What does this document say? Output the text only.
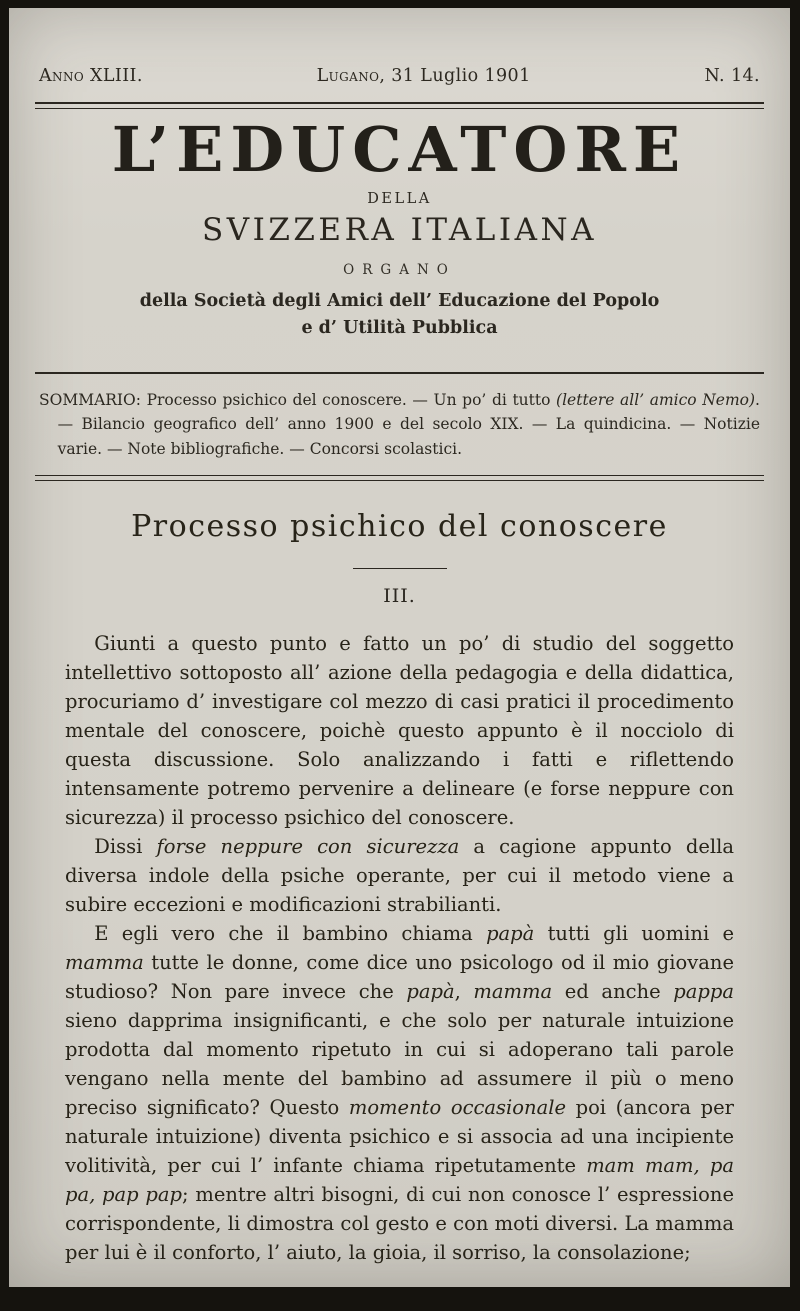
Anno XLIII.	Lugano, 31 Luglio 1901	N. 14.
L’EDUCATORE
DELLA
SVIZZERA ITALIANA
ORGANO
della Società degli Amici dell’ Educazione del Popolo
e d’ Utilità Pubblica

SOMMARIO: Processo psichico del conoscere. — Un po’ di tutto (lettere all’ amico Nemo). — Bilancio geografico dell’ anno 1900 e del secolo XIX. — La quindicina. — Notizie varie. — Note bibliografiche. — Concorsi scolastici.

Processo psichico del conoscere
III.

Giunti a questo punto e fatto un po’ di studio del soggetto intellettivo sottoposto all’ azione della pedagogia e della didattica, procuriamo d’ investigare col mezzo di casi pratici il procedimento mentale del conoscere, poichè questo appunto è il nocciolo di questa discussione. Solo analizzando i fatti e riflettendo intensamente potremo pervenire a delineare (e forse neppure con sicurezza) il processo psichico del conoscere.

Dissi forse neppure con sicurezza a cagione appunto della diversa indole della psiche operante, per cui il metodo viene a subire eccezioni e modificazioni strabilianti.

E egli vero che il bambino chiama papà tutti gli uomini e mamma tutte le donne, come dice uno psicologo od il mio giovane studioso? Non pare invece che papà, mamma ed anche pappa sieno dapprima insignificanti, e che solo per naturale intuizione prodotta dal momento ripetuto in cui si adoperano tali parole vengano nella mente del bambino ad assumere il più o meno preciso significato? Questo momento occasionale poi (ancora per naturale intuizione) diventa psichico e si associa ad una incipiente volitività, per cui l’ infante chiama ripetutamente mam mam, pa pa, pap pap; mentre altri bisogni, di cui non conosce l’ espressione corrispondente, li dimostra col gesto e con moti diversi. La mamma per lui è il conforto, l’ aiuto, la gioia, il sorriso, la consolazione;
